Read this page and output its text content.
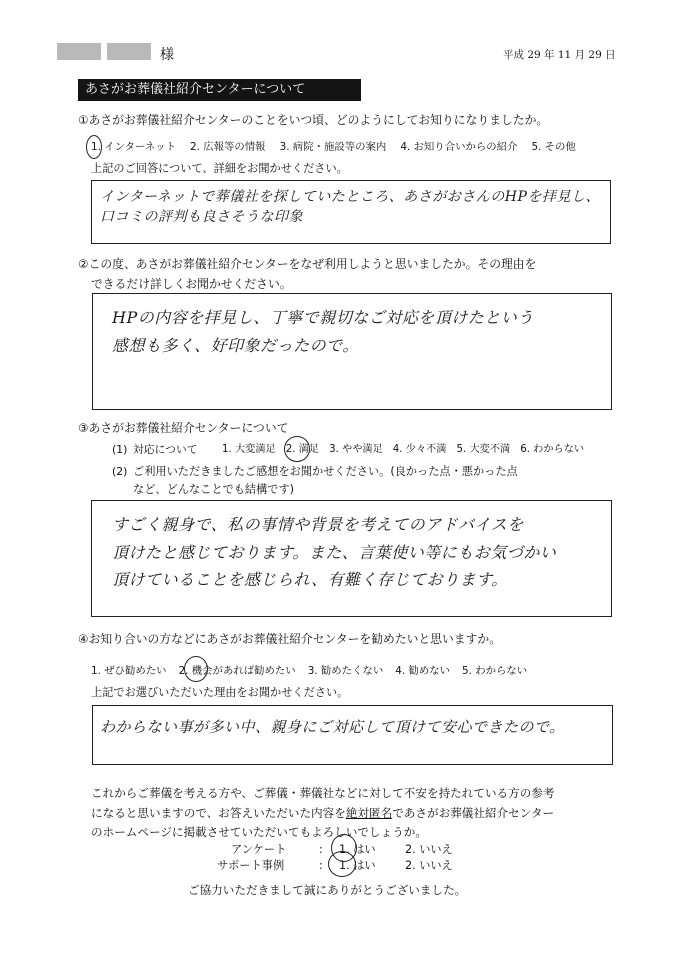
様	平成 29 年 11 月 29 日
あさがお葬儀社紹介センターについて
①あさがお葬儀社紹介センターのことをいつ頃、どのようにしてお知りになりましたか。
1. インターネット 2. 広報等の情報 3. 病院・施設等の案内 4. お知り合いからの紹介 5. その他
上記のご回答について、詳細をお聞かせください。
インターネットで葬儀社を探していたところ、あさがおさんのHPを拝見し、
口コミの評判も良さそうな印象
②この度、あさがお葬儀社紹介センターをなぜ利用しようと思いましたか。その理由を
できるだけ詳しくお聞かせください。
HPの内容を拝見し、丁寧で親切なご対応を頂けたという
感想も多く、好印象だったので。
③あさがお葬儀社紹介センターについて
(1) 対応について 1. 大変満足 2. 満足 3. やや満足 4. 少々不満 5. 大変不満 6. わからない
(2) ご利用いただきましたご感想をお聞かせください。(良かった点・悪かった点
など、どんなことでも結構です)
すごく親身で、私の事情や背景を考えてのアドバイスを
頂けたと感じております。また、言葉使い等にもお気づかい
頂けていることを感じられ、有難く存じております。
④お知り合いの方などにあさがお葬儀社紹介センターを勧めたいと思いますか。
1. ぜひ勧めたい 2. 機会があれば勧めたい 3. 勧めたくない 4. 勧めない 5. わからない
上記でお選びいただいた理由をお聞かせください。
わからない事が多い中、親身にご対応して頂けて安心できたので。
これからご葬儀を考える方や、ご葬儀・葬儀社などに対して不安を持たれている方の参考
になると思いますので、お答えいただいた内容を絶対匿名であさがお葬儀社紹介センター
のホームページに掲載させていただいてもよろしいでしょうか。
アンケート	: 1. はい	2. いいえ
サポート事例	: 1. はい	2. いいえ
ご協力いただきまして誠にありがとうございました。
